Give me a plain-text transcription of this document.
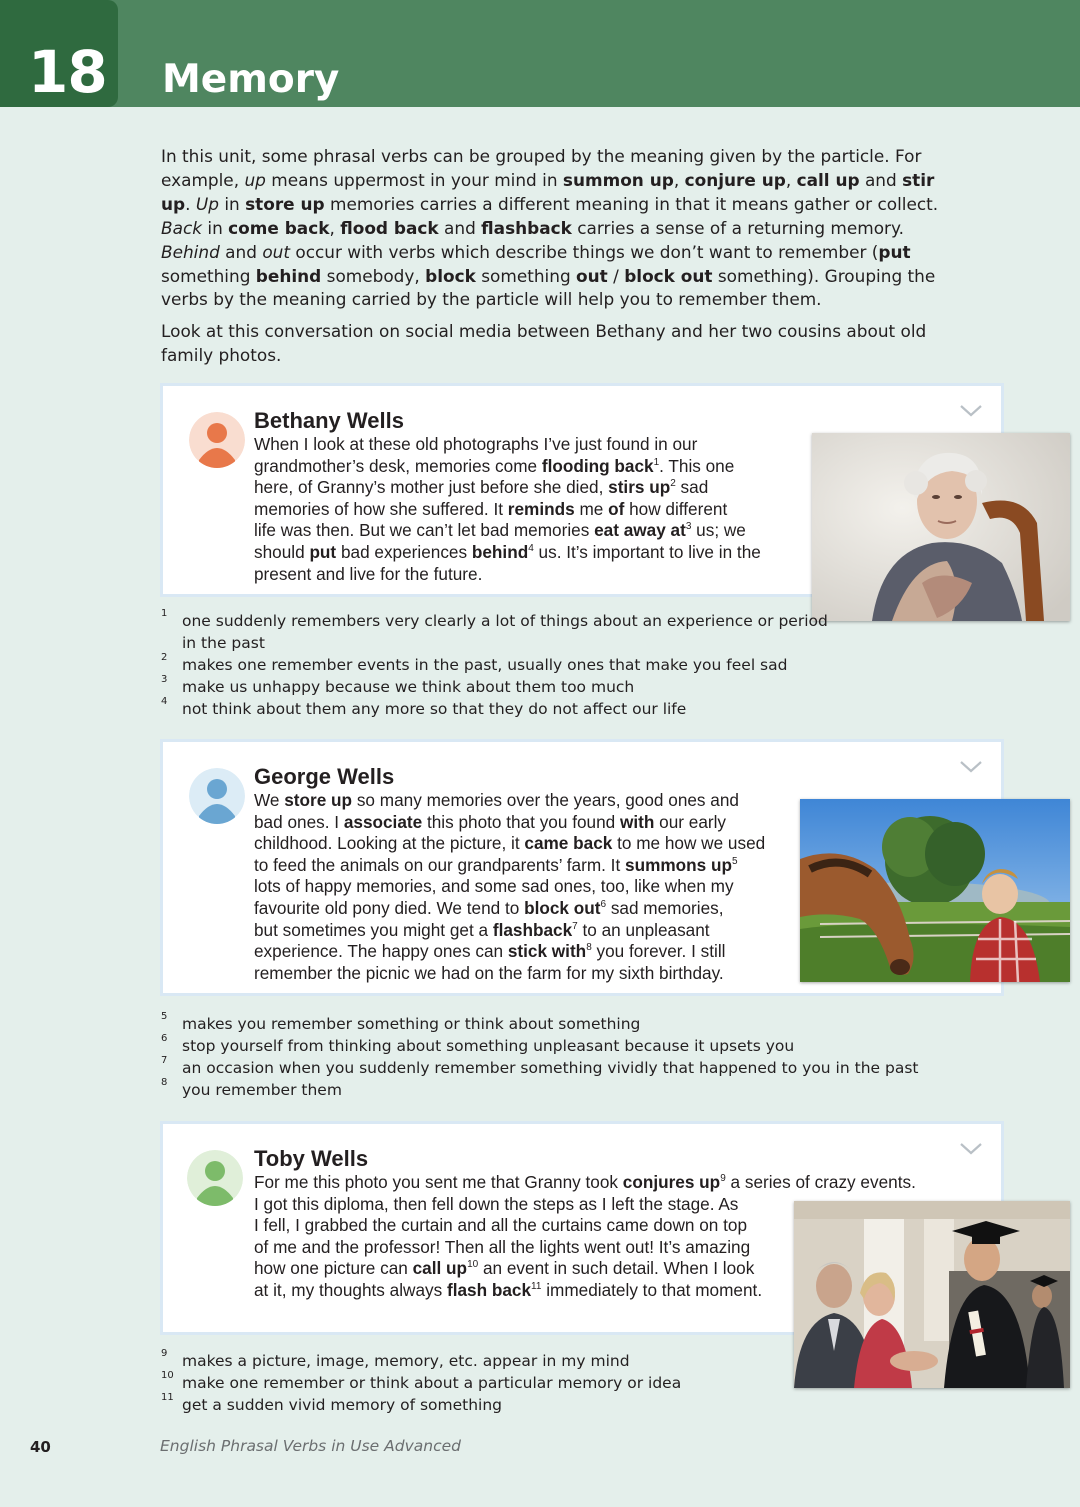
18 Memory

In this unit, some phrasal verbs can be grouped by the meaning given by the particle. For example, up means uppermost in your mind in summon up, conjure up, call up and stir up. Up in store up memories carries a different meaning in that it means gather or collect. Back in come back, flood back and flashback carries a sense of a returning memory. Behind and out occur with verbs which describe things we don’t want to remember (put something behind somebody, block something out / block out something). Grouping the verbs by the meaning carried by the particle will help you to remember them.

Look at this conversation on social media between Bethany and her two cousins about old family photos.

Bethany Wells
When I look at these old photographs I’ve just found in our
grandmother’s desk, memories come flooding back$^1$. This one
here, of Granny’s mother just before she died, stirs $up^2$ sad
memories of how she suffered. It reminds me of how different
life was then. But we can’t let bad memories eat away $at^3$ us; we
should put bad experiences behind$^4$ us. It’s important to live in the
present and live for the future.
1 one suddenly remembers very clearly a lot of things about an experience or period
in the past
2 makes one remember events in the past, usually ones that make you feel sad
3 make us unhappy because we think about them too much
4 not think about them any more so that they do not affect our life
George Wells
We store up so many memories over the years, good ones and
bad ones. I associate this photo that you found with our early
childhood. Looking at the picture, it came back to me how we used
to feed the animals on our grandparents’ farm. It summons $up^5$
lots of happy memories, and some sad ones, too, like when my
favourite old pony died. We tend to block out$^6$ sad memories,
but sometimes you might get a flashback$^7$ to an unpleasant
experience. The happy ones can stick with$^8$ you forever. I still
remember the picnic we had on the farm for my sixth birthday.
5 makes you remember something or think about something
6 stop yourself from thinking about something unpleasant because it upsets you
7 an occasion when you suddenly remember something vividly that happened to you in the past
8 you remember them
Toby Wells
For me this photo you sent me that Granny took conjures $up^9$ a series of crazy events.
I got this diploma, then fell down the steps as I left the stage. As
I fell, I grabbed the curtain and all the curtains came down on top
of me and the professor! Then all the lights went out! It’s amazing
how one picture can call $up^{10}$ an event in such detail. When I look
at it, my thoughts always flash back$^{11}$ immediately to that moment.
9 makes a picture, image, memory, etc. appear in my mind
10 make one remember or think about a particular memory or idea
11 get a sudden vivid memory of something
40	English Phrasal Verbs in Use Advanced
